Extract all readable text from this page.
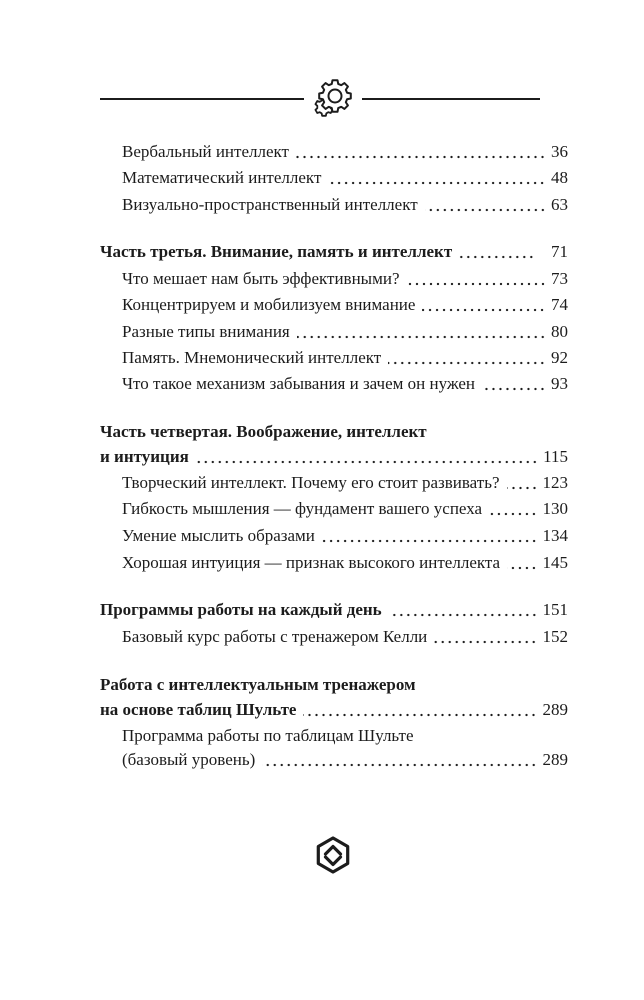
Вербальный интеллект	36
Математический интеллект	48
Визуально-пространственный интеллект	63
Часть третья. Внимание, память и интеллект	71
Что мешает нам быть эффективными?	73
Концентрируем и мобилизуем внимание	74
Разные типы внимания	80
Память. Мнемонический интеллект	92
Что такое механизм забывания и зачем он нужен	93
Часть четвертая. Воображение, интеллект
и интуиция	115
Творческий интеллект. Почему его стоит развивать?	123
Гибкость мышления — фундамент вашего успеха	130
Умение мыслить образами	134
Хорошая интуиция — признак высокого интеллекта 145
Программы работы на каждый день	151
Базовый курс работы с тренажером Келли	152
Работа с интеллектуальным тренажером
на основе таблиц Шульте	289
Программа работы по таблицам Шульте
(базовый уровень)	289
